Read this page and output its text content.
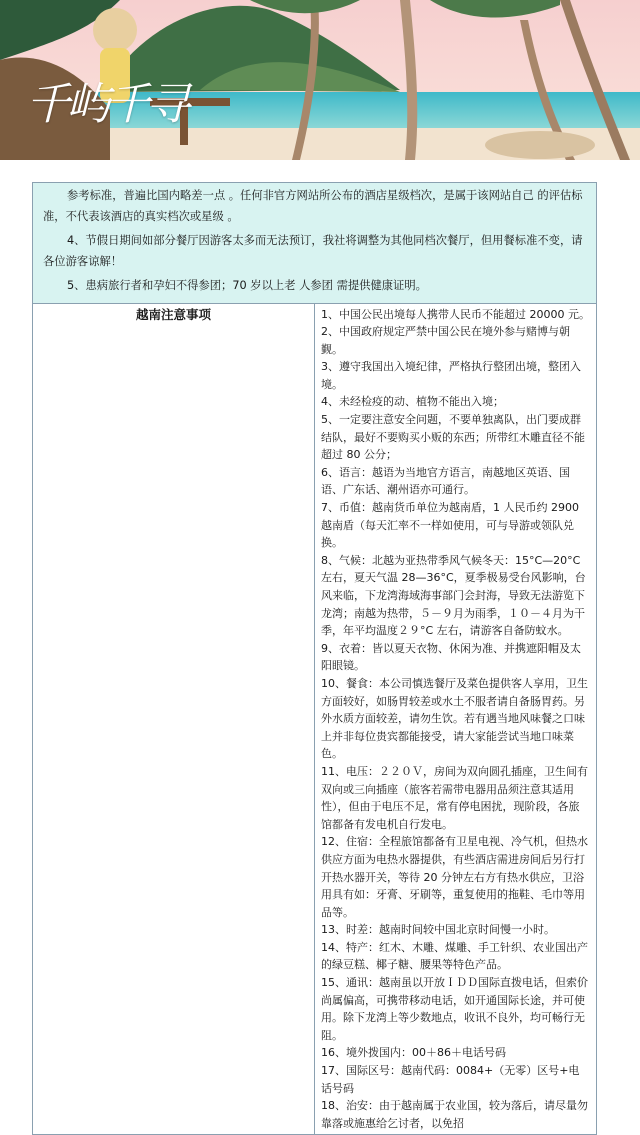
千屿千寻

参考标准，普遍比国内略差一点 。任何非官方网站所公布的酒店星级档次，是属于该网站自己 的评估标准，不代表该酒店的真实档次或星级 。

4、节假日期间如部分餐厅因游客太多而无法预订，我社将调整为其他同档次餐厅，但用餐标准不变，请各位游客谅解！

5、患病旅行者和孕妇不得参团；70 岁以上老 人参团 需提供健康证明。

越南注意事项	1、中国公民出境每人携带人民币不能超过 20000 元。
2、中国政府规定严禁中国公民在境外参与赌博与朝觐。
3、遵守我国出入境纪律，严格执行整团出境，整团入境。
4、未经检疫的动、植物不能出入境；
5、一定要注意安全问题，不要单独离队，出门要成群结队，最好不要购买小贩的东西；所带红木雕直径不能超过 80 公分；
6、语言：越语为当地官方语言，南越地区英语、国语、广东话、潮州语亦可通行。
7、币值：越南货币单位为越南盾，1 人民币约 2900 越南盾（每天汇率不一样如使用，可与导游或领队兑换。
8、气候：北越为亚热带季风气候冬天：15°C—20°C 左右，夏天气温 28—36°C，夏季极易受台风影响，台风来临，下龙湾海域海事部门会封海，导致无法游览下龙湾；南越为热带，５－９月为雨季，１０－４月为干季，年平均温度２９°C 左右，请游客自备防蚊水。
9、衣着：皆以夏天衣物、休闲为准、并携遮阳帽及太阳眼镜。
10、餐食：本公司慎选餐厅及菜色提供客人享用，卫生方面较好，如肠胃较差或水土不服者请自备肠胃药。另外水质方面较差，请勿生饮。若有遇当地风味餐之口味上并非每位贵宾都能接受，请大家能尝试当地口味菜色。
11、电压：２２０Ｖ，房间为双向圆孔插座，卫生间有双向或三向插座（旅客若需带电器用品须注意其适用性），但由于电压不足，常有停电困扰，现阶段，各旅馆都备有发电机自行发电。
12、住宿：全程旅馆都备有卫星电视、冷气机，但热水供应方面为电热水器提供，有些酒店需进房间后另行打开热水器开关，等待 20 分钟左右方有热水供应，卫浴用具有如：牙膏、牙刷等，重复使用的拖鞋、毛巾等用品等。
13、时差：越南时间较中国北京时间慢一小时。
14、特产：红木、木雕、煤雕、手工针织、农业国出产的绿豆糕、椰子糖、腰果等特色产品。
15、通讯：越南虽以开放ＩＤＤ国际直拨电话，但索价尚属偏高，可携带移动电话，如开通国际长途，并可使用。除下龙湾上等少数地点，收讯不良外，均可畅行无阻。
16、境外拨国内：00＋86＋电话号码
17、国际区号：越南代码：0084+（无零）区号+电话号码
18、治安：由于越南属于农业国，较为落后，请尽量勿靠落或施惠给乞讨者，以免招
